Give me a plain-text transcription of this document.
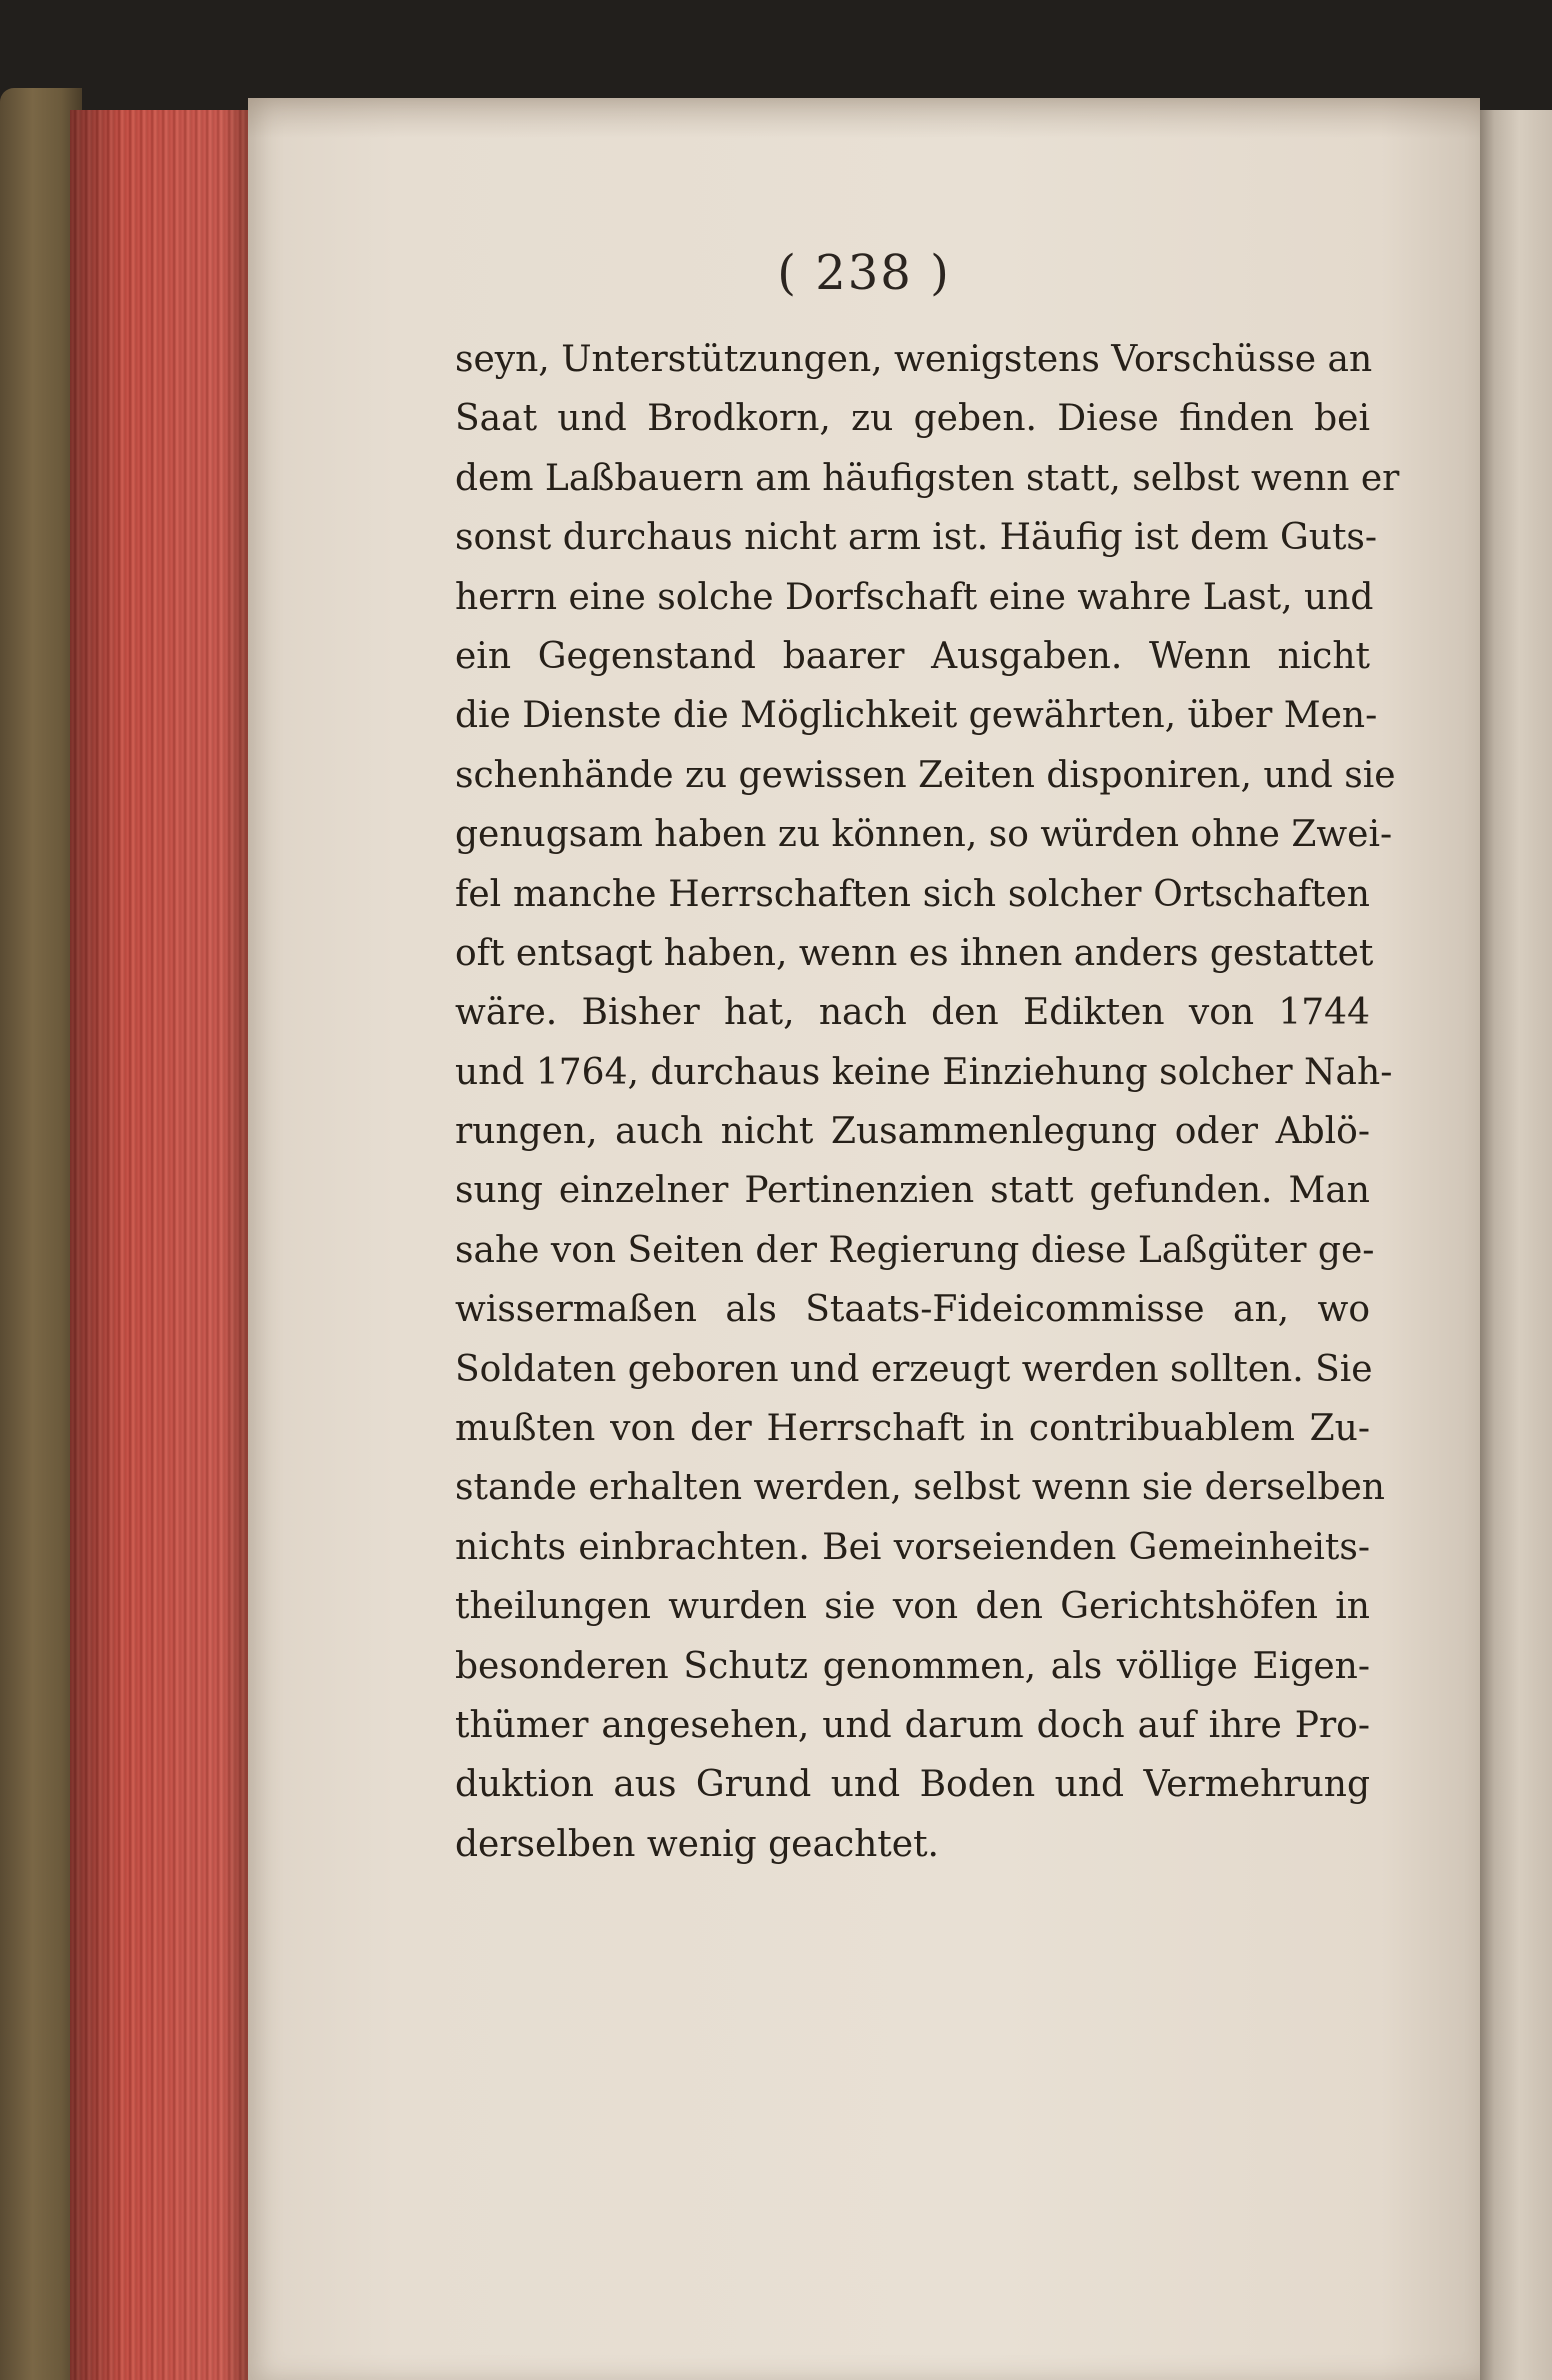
( 238 )
seyn, Unterstützungen, wenigstens Vorschüsse an
Saat und Brodkorn, zu geben. Diese finden bei
dem Laßbauern am häufigsten statt, selbst wenn er
sonst durchaus nicht arm ist. Häufig ist dem Guts-
herrn eine solche Dorfschaft eine wahre Last, und
ein Gegenstand baarer Ausgaben. Wenn nicht
die Dienste die Möglichkeit gewährten, über Men-
schenhände zu gewissen Zeiten disponiren, und sie
genugsam haben zu können, so würden ohne Zwei-
fel manche Herrschaften sich solcher Ortschaften
oft entsagt haben, wenn es ihnen anders gestattet
wäre. Bisher hat, nach den Edikten von 1744
und 1764, durchaus keine Einziehung solcher Nah-
rungen, auch nicht Zusammenlegung oder Ablö-
sung einzelner Pertinenzien statt gefunden. Man
sahe von Seiten der Regierung diese Laßgüter ge-
wissermaßen als Staats-Fideicommisse an, wo
Soldaten geboren und erzeugt werden sollten. Sie
mußten von der Herrschaft in contribuablem Zu-
stande erhalten werden, selbst wenn sie derselben
nichts einbrachten. Bei vorseienden Gemeinheits-
theilungen wurden sie von den Gerichtshöfen in
besonderen Schutz genommen, als völlige Eigen-
thümer angesehen, und darum doch auf ihre Pro-
duktion aus Grund und Boden und Vermehrung
derselben wenig geachtet.
